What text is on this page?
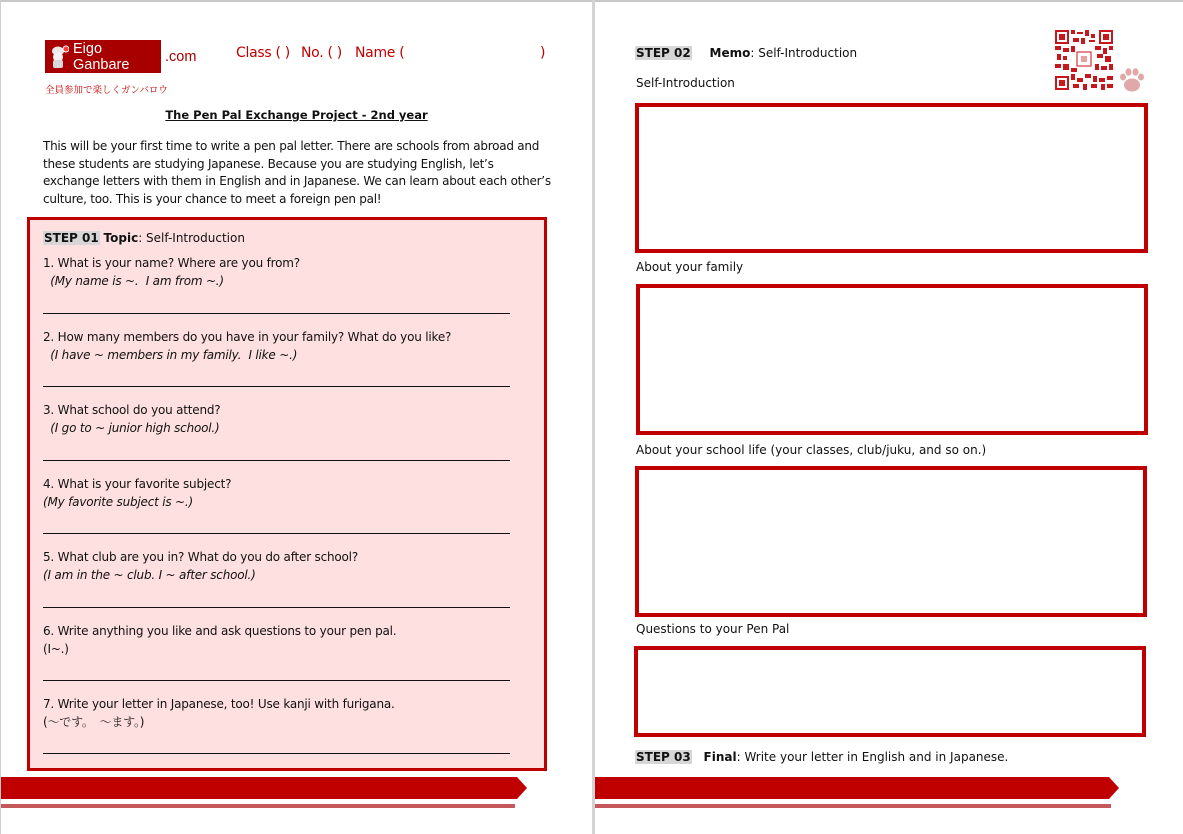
Eigo Ganbare	.com
全員参加で楽しくガンバロウ
Class ( ) No. ( ) Name (	)
The Pen Pal Exchange Project - 2nd year
This will be your first time to write a pen pal letter. There are schools from abroad and these students are studying Japanese. Because you are studying English, let’s exchange letters with them in English and in Japanese. We can learn about each other’s culture, too. This is your chance to meet a foreign pen pal!
STEP 01 Topic: Self-Introduction
1. What is your name? Where are you from?
(My name is ~.  I am from ~.)
2. How many members do you have in your family? What do you like?
(I have ~ members in my family.  I like ~.)
3. What school do you attend?
(I go to ~ junior high school.)
4. What is your favorite subject?
(My favorite subject is ~.)
5. What club are you in? What do you do after school?
(I am in the ~ club. I ~ after school.)
6. Write anything you like and ask questions to your pen pal.
(I~.)
7. Write your letter in Japanese, too! Use kanji with furigana.
(～です。　～ます。)
STEP 02 Memo: Self-Introduction
Self-Introduction
About your family
About your school life (your classes, club/juku, and so on.)
Questions to your Pen Pal
STEP 03 Final: Write your letter in English and in Japanese.
